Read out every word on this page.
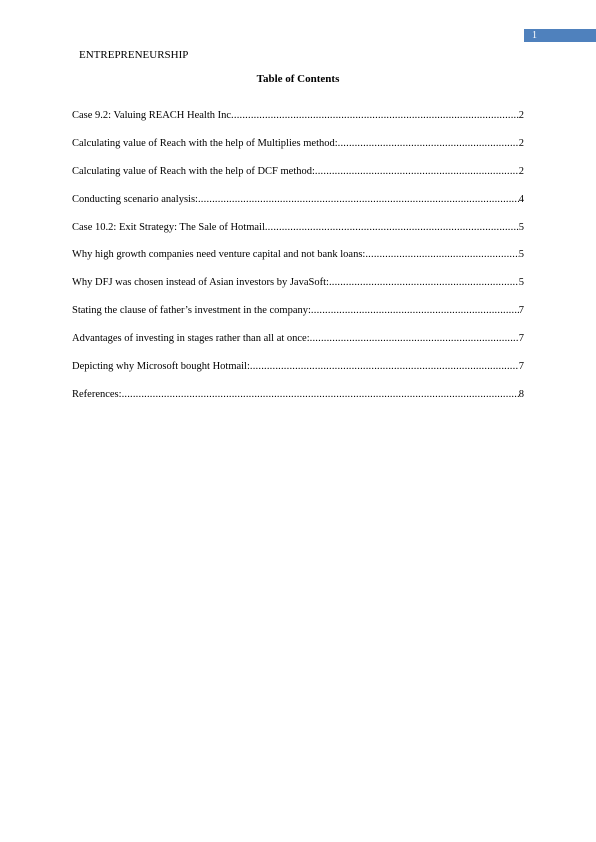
1
ENTREPRENEURSHIP
Table of Contents
Case 9.2: Valuing REACH Health Inc .....	2
Calculating value of Reach with the help of Multiplies method: .....	2
Calculating value of Reach with the help of DCF method: .....	2
Conducting scenario analysis: .....	4
Case 10.2: Exit Strategy: The Sale of Hotmail .....	5
Why high growth companies need venture capital and not bank loans: .....	5
Why DFJ was chosen instead of Asian investors by JavaSoft: .....	5
Stating the clause of father’s investment in the company: .....	7
Advantages of investing in stages rather than all at once: .....	7
Depicting why Microsoft bought Hotmail: .....	7
References: .....	8
